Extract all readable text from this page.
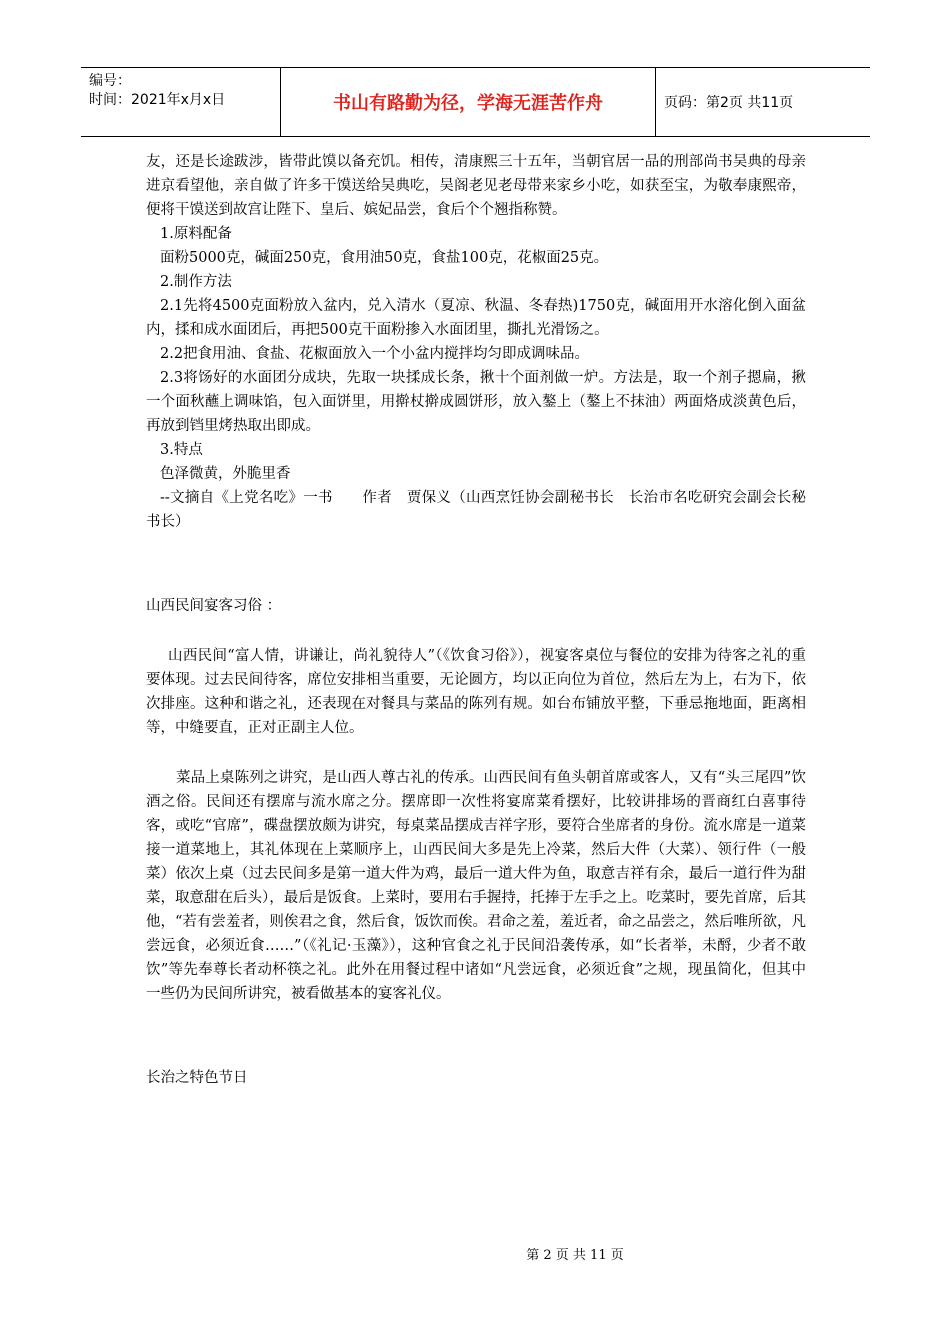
编号：
时间：2021年x月x日	书山有路勤为径，学海无涯苦作舟	页码：第2页 共11页

友，还是长途跋涉，皆带此馍以备充饥。相传，清康熙三十五年，当朝官居一品的刑部尚书吴典的母亲进京看望他，亲自做了许多干馍送给吴典吃，吴阁老见老母带来家乡小吃，如获至宝，为敬奉康熙帝，便将干馍送到故宫让陛下、皇后、嫔妃品尝，食后个个翘指称赞。

1.原料配备

面粉5000克，碱面250克，食用油50克，食盐100克，花椒面25克。

2.制作方法

2.1先将4500克面粉放入盆内，兑入清水（夏凉、秋温、冬春热)1750克，碱面用开水溶化倒入面盆内，揉和成水面团后，再把500克干面粉掺入水面团里，撕扎光滑饧之。

2.2把食用油、食盐、花椒面放入一个小盆内搅拌均匀即成调味品。

2.3将饧好的水面团分成块，先取一块揉成长条，揪十个面剂做一炉。方法是，取一个剂子摁扁，揪一个面秋蘸上调味馅，包入面饼里，用擀杖擀成圆饼形，放入鏊上（鏊上不抹油）两面烙成淡黄色后，再放到铛里烤热取出即成。

3.特点

色泽微黄，外脆里香

--文摘自《上党名吃》一书　　作者　贾保义（山西烹饪协会副秘书长　长治市名吃研究会副会长秘书长）

山西民间宴客习俗 ：

山西民间“富人情，讲谦让，尚礼貌待人”（《饮食习俗》），视宴客桌位与餐位的安排为待客之礼的重要体现。过去民间待客，席位安排相当重要，无论圆方，均以正向位为首位，然后左为上，右为下，依次排座。这种和谐之礼，还表现在对餐具与菜品的陈列有规。如台布铺放平整，下垂忌拖地面，距离相等，中缝要直，正对正副主人位。

菜品上桌陈列之讲究，是山西人尊古礼的传承。山西民间有鱼头朝首席或客人，又有“头三尾四”饮酒之俗。民间还有摆席与流水席之分。摆席即一次性将宴席菜肴摆好，比较讲排场的晋商红白喜事待客，或吃“官席”，碟盘摆放颇为讲究，每桌菜品摆成吉祥字形，要符合坐席者的身份。流水席是一道菜接一道菜地上，其礼体现在上菜顺序上，山西民间大多是先上冷菜，然后大件（大菜）、领行件（一般菜）依次上桌（过去民间多是第一道大件为鸡，最后一道大件为鱼，取意吉祥有余，最后一道行件为甜菜，取意甜在后头），最后是饭食。上菜时，要用右手握持，托捧于左手之上。吃菜时，要先首席，后其他，“若有尝羞者，则俟君之食，然后食，饭饮而俟。君命之羞，羞近者，命之品尝之，然后唯所欲，凡尝远食，必须近食……”（《礼记·玉藻》），这种官食之礼于民间沿袭传承，如“长者举，未酹，少者不敢饮”等先奉尊长者动杯筷之礼。此外在用餐过程中诸如“凡尝远食，必须近食”之规，现虽简化，但其中一些仍为民间所讲究，被看做基本的宴客礼仪。

长治之特色节日

第 2 页 共 11 页
